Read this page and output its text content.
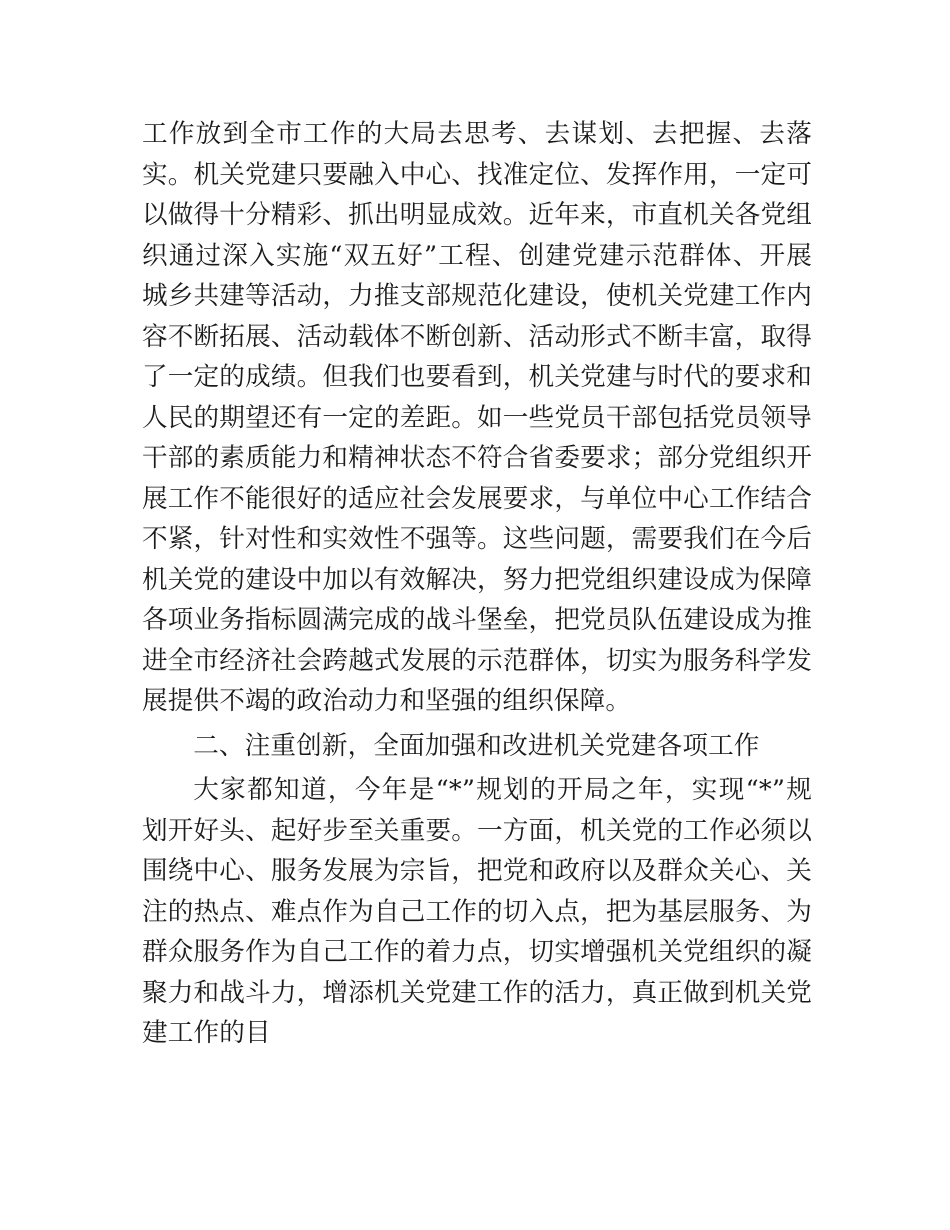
工作放到全市工作的大局去思考、去谋划、去把握、去落实。机关党建只要融入中心、找准定位、发挥作用，一定可以做得十分精彩、抓出明显成效。近年来，市直机关各党组织通过深入实施“双五好”工程、创建党建示范群体、开展城乡共建等活动，力推支部规范化建设，使机关党建工作内容不断拓展、活动载体不断创新、活动形式不断丰富，取得了一定的成绩。但我们也要看到，机关党建与时代的要求和人民的期望还有一定的差距。如一些党员干部包括党员领导干部的素质能力和精神状态不符合省委要求；部分党组织开展工作不能很好的适应社会发展要求，与单位中心工作结合不紧，针对性和实效性不强等。这些问题，需要我们在今后机关党的建设中加以有效解决，努力把党组织建设成为保障各项业务指标圆满完成的战斗堡垒，把党员队伍建设成为推进全市经济社会跨越式发展的示范群体，切实为服务科学发展提供不竭的政治动力和坚强的组织保障。

二、注重创新，全面加强和改进机关党建各项工作

大家都知道，今年是“*”规划的开局之年，实现“*”规划开好头、起好步至关重要。一方面，机关党的工作必须以围绕中心、服务发展为宗旨，把党和政府以及群众关心、关注的热点、难点作为自己工作的切入点，把为基层服务、为群众服务作为自己工作的着力点，切实增强机关党组织的凝聚力和战斗力，增添机关党建工作的活力，真正做到机关党建工作的目
